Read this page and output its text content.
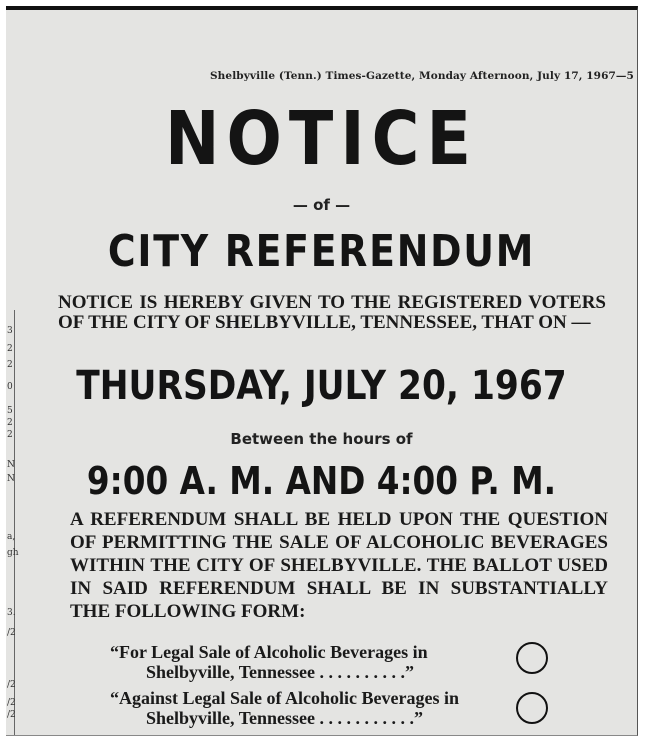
3
2
2
0
5
2
2
N
N
a,
gh
3.
/2
/2
/2
/2
Shelbyville (Tenn.) Times-Gazette, Monday Afternoon, July 17, 1967—5
NOTICE
— of —
CITY REFERENDUM
NOTICE IS HEREBY GIVEN TO THE REGISTERED VOTERS OF THE CITY OF SHELBYVILLE, TENNESSEE, THAT ON —
THURSDAY, JULY 20, 1967
Between the hours of
9:00 A. M. AND 4:00 P. M.
A REFERENDUM SHALL BE HELD UPON THE QUESTION OF PERMITTING THE SALE OF ALCOHOLIC BEVERAGES WITHIN THE CITY OF SHELBYVILLE. THE BALLOT USED IN SAID REFERENDUM SHALL BE IN SUBSTANTIALLY THE FOLLOWING FORM:
“For Legal Sale of Alcoholic Beverages in
Shelbyville, Tennessee . . . . . . . . . .”
“Against Legal Sale of Alcoholic Beverages in
Shelbyville, Tennessee . . . . . . . . . . .”
